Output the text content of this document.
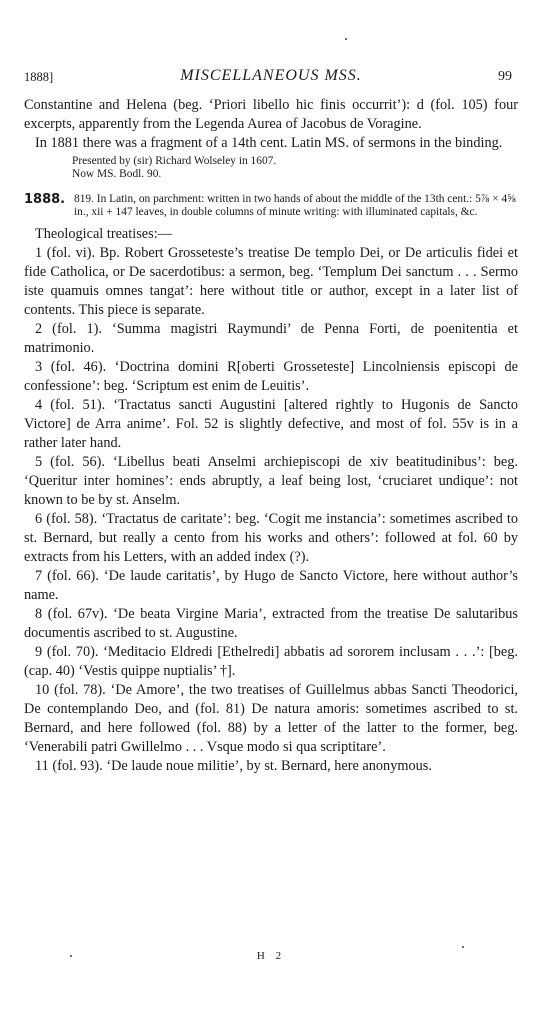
1888]	MISCELLANEOUS MSS.	99

Constantine and Helena (beg. ‘Priori libello hic finis occurrit’): d (fol. 105) four excerpts, apparently from the Legenda Aurea of Jacobus de Voragine.

In 1881 there was a fragment of a 14th cent. Latin MS. of sermons in the binding.

Presented by (sir) Richard Wolseley in 1607.

Now MS. Bodl. 90.

1888. 819. In Latin, on parchment: written in two hands of about the middle of the 13th cent.: 5⅞ × 4⅝ in., xii + 147 leaves, in double columns of minute writing: with illuminated capitals, &c.

Theological treatises:—

1 (fol. vi). Bp. Robert Grosseteste’s treatise De templo Dei, or De articulis fidei et fide Catholica, or De sacerdotibus: a sermon, beg. ‘Templum Dei sanctum . . . Sermo iste quamuis omnes tangat’: here without title or author, except in a later list of contents. This piece is separate.

2 (fol. 1). ‘Summa magistri Raymundi’ de Penna Forti, de poenitentia et matrimonio.

3 (fol. 46). ‘Doctrina domini R[oberti Grosseteste] Lincolniensis episcopi de confessione’: beg. ‘Scriptum est enim de Leuitis’.

4 (fol. 51). ‘Tractatus sancti Augustini [altered rightly to Hugonis de Sancto Victore] de Arra anime’. Fol. 52 is slightly defective, and most of fol. 55v is in a rather later hand.

5 (fol. 56). ‘Libellus beati Anselmi archiepiscopi de xiv beatitudinibus’: beg. ‘Queritur inter homines’: ends abruptly, a leaf being lost, ‘cruciaret undique’: not known to be by st. Anselm.

6 (fol. 58). ‘Tractatus de caritate’: beg. ‘Cogit me instancia’: sometimes ascribed to st. Bernard, but really a cento from his works and others’: followed at fol. 60 by extracts from his Letters, with an added index (?).

7 (fol. 66). ‘De laude caritatis’, by Hugo de Sancto Victore, here without author’s name.

8 (fol. 67v). ‘De beata Virgine Maria’, extracted from the treatise De salutaribus documentis ascribed to st. Augustine.

9 (fol. 70). ‘Meditacio Eldredi [Ethelredi] abbatis ad sororem inclusam . . .’: [beg. (cap. 40) ‘Vestis quippe nuptialis’ †].

10 (fol. 78). ‘De Amore’, the two treatises of Guillelmus abbas Sancti Theodorici, De contemplando Deo, and (fol. 81) De natura amoris: sometimes ascribed to st. Bernard, and here followed (fol. 88) by a letter of the latter to the former, beg. ‘Venerabili patri Gwillelmo . . . Vsque modo si qua scriptitare’.

11 (fol. 93). ‘De laude noue militie’, by st. Bernard, here anonymous.

H 2
